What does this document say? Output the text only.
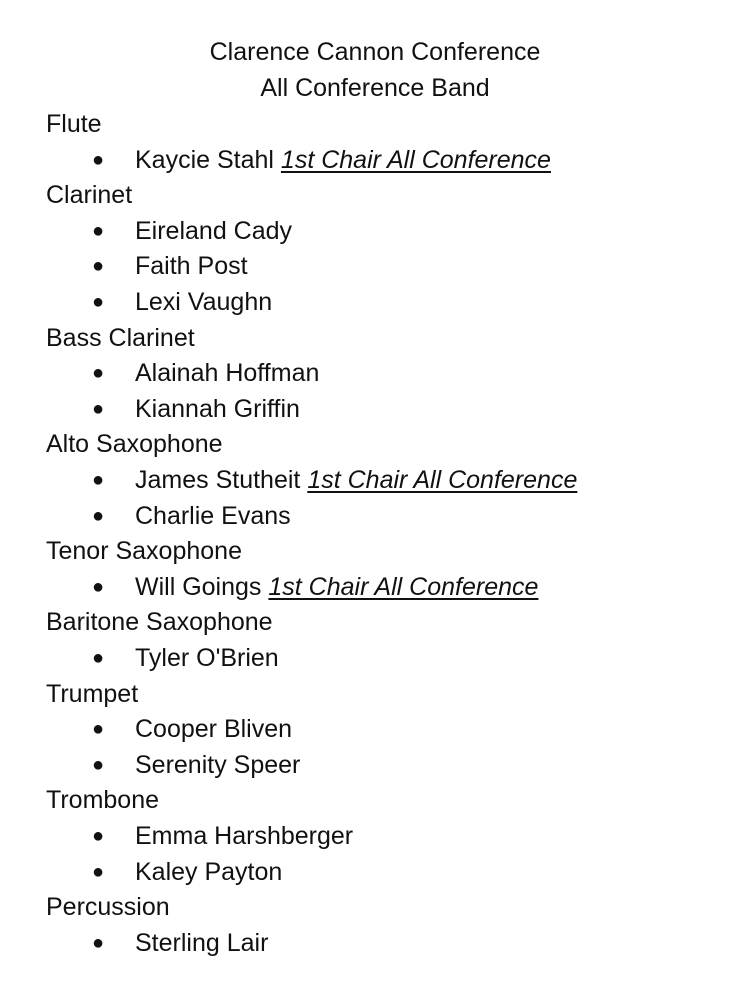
Clarence Cannon Conference
All Conference Band
Flute
● Kaycie Stahl 1st Chair All Conference
Clarinet
● Eireland Cady
● Faith Post
● Lexi Vaughn
Bass Clarinet
● Alainah Hoffman
● Kiannah Griffin
Alto Saxophone
● James Stutheit 1st Chair All Conference
● Charlie Evans
Tenor Saxophone
● Will Goings 1st Chair All Conference
Baritone Saxophone
● Tyler O'Brien
Trumpet
● Cooper Bliven
● Serenity Speer
Trombone
● Emma Harshberger
● Kaley Payton
Percussion
● Sterling Lair
